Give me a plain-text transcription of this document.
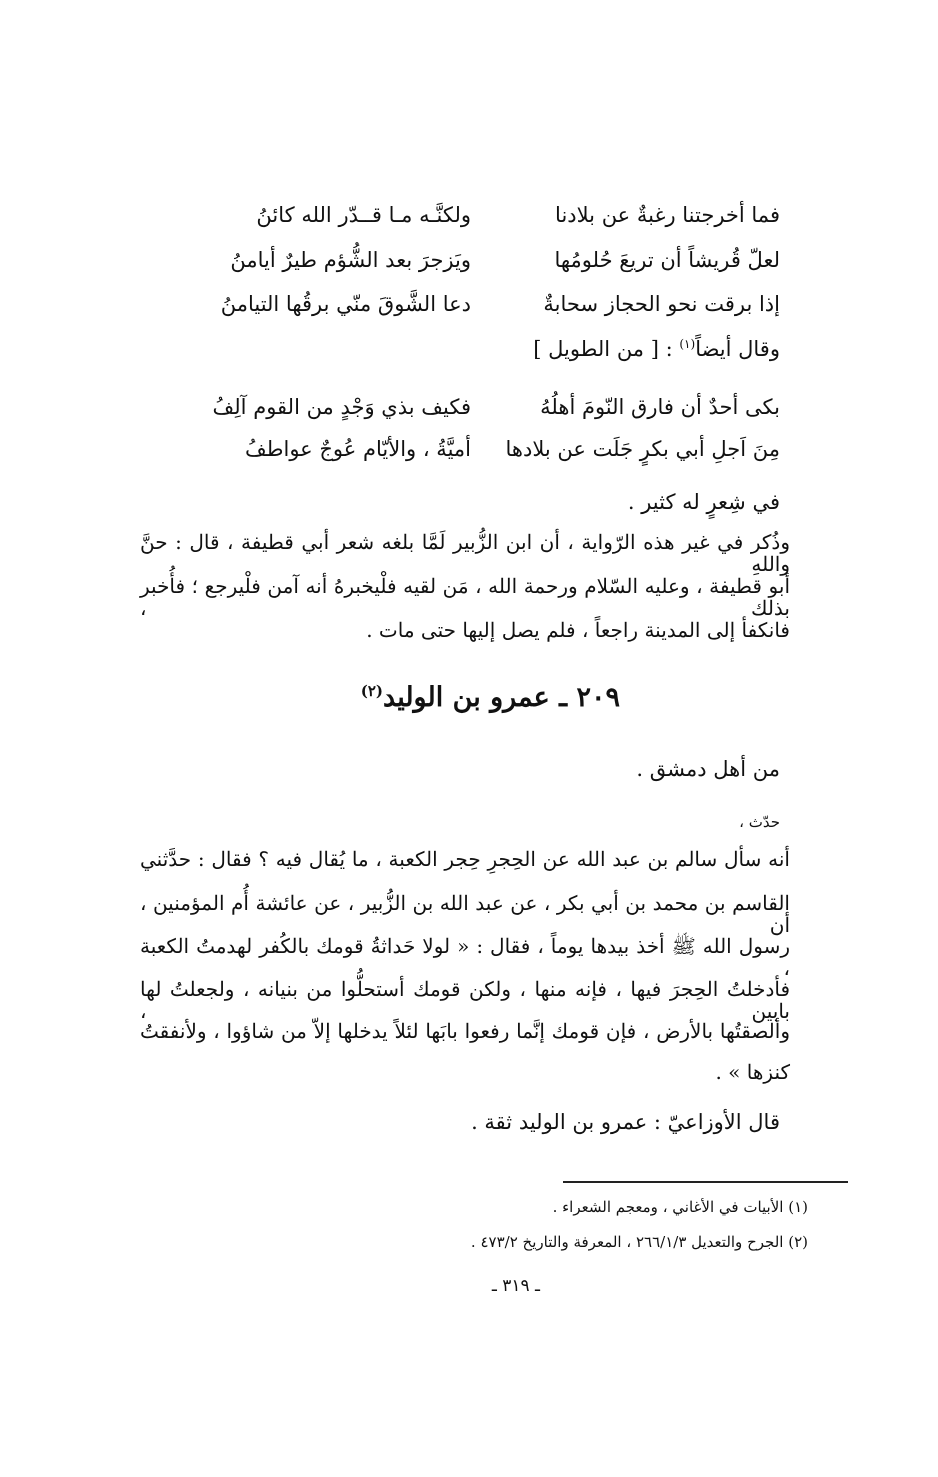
فما أخرجتنا رغبةٌ عن بلادنا
ولكنَّـه مـا قــدّر الله كائنُ
لعلّ قُريشاً أن تريعَ حُلومُها
ويَزجرَ بعد الشُّؤم طيرٌ أيامنُ
إذا برقت نحو الحجاز سحابةٌ
دعا الشَّوقَ منّي برقُها التيامنُ
وقال أيضاً$^{(١)}$ : [ من الطويل ]
بكى أحدٌ أن فارق النّومَ أهلُهُ
فكيف بذي وَجْدٍ من القوم آلِفُ
مِنَ اَجلِ أبي بكرٍ جَلَت عن بلادها
أميَّةُ ، والأيّام عُوجٌ عواطفُ
في شِعرٍ له كثير .
وذُكر في غير هذه الرّواية ، أن ابن الزُّبير لَمَّا بلغه شعر أبي قطيفة ، قال : حنَّ واللهِ
أبو قطيفة ، وعليه السّلام ورحمة الله ، مَن لقيه فلْيخبرهُ أنه آمن فلْيرجع ؛ فأُخبر بذلك ،
فانكفأ إلى المدينة راجعاً ، فلم يصل إليها حتى مات .
٢٠٩ ـ عمرو بن الوليد$^{(٢)}$
من أهل دمشق .
حدّث ،
أنه سأل سالم بن عبد الله عن الحِجرِ حِجر الكعبة ، ما يُقال فيه ؟ فقال : حدَّثني
القاسم بن محمد بن أبي بكر ، عن عبد الله بن الزُّبير ، عن عائشة أُم المؤمنين ، أن
رسول الله ﷺ أخذ بيدها يوماً ، فقال : « لولا حَداثةُ قومك بالكُفر لهدمتُ الكعبة ،
فأدخلتُ الحِجرَ فيها ، فإنه منها ، ولكن قومك أستحلُّوا من بنيانه ، ولجعلتُ لها بابين ،
وألصقتُها بالأرض ، فإن قومك إنَّما رفعوا بابَها لئلاً يدخلها إلاّ من شاؤوا ، ولأنفقتُ
كنزها » .
قال الأوزاعيّ : عمرو بن الوليد ثقة .
(١) الأبيات في الأغاني ، ومعجم الشعراء .
(٢) الجرح والتعديل ٢٦٦/١/٣ ، المعرفة والتاريخ ٤٧٣/٢ .
ـ ٣١٩ ـ
